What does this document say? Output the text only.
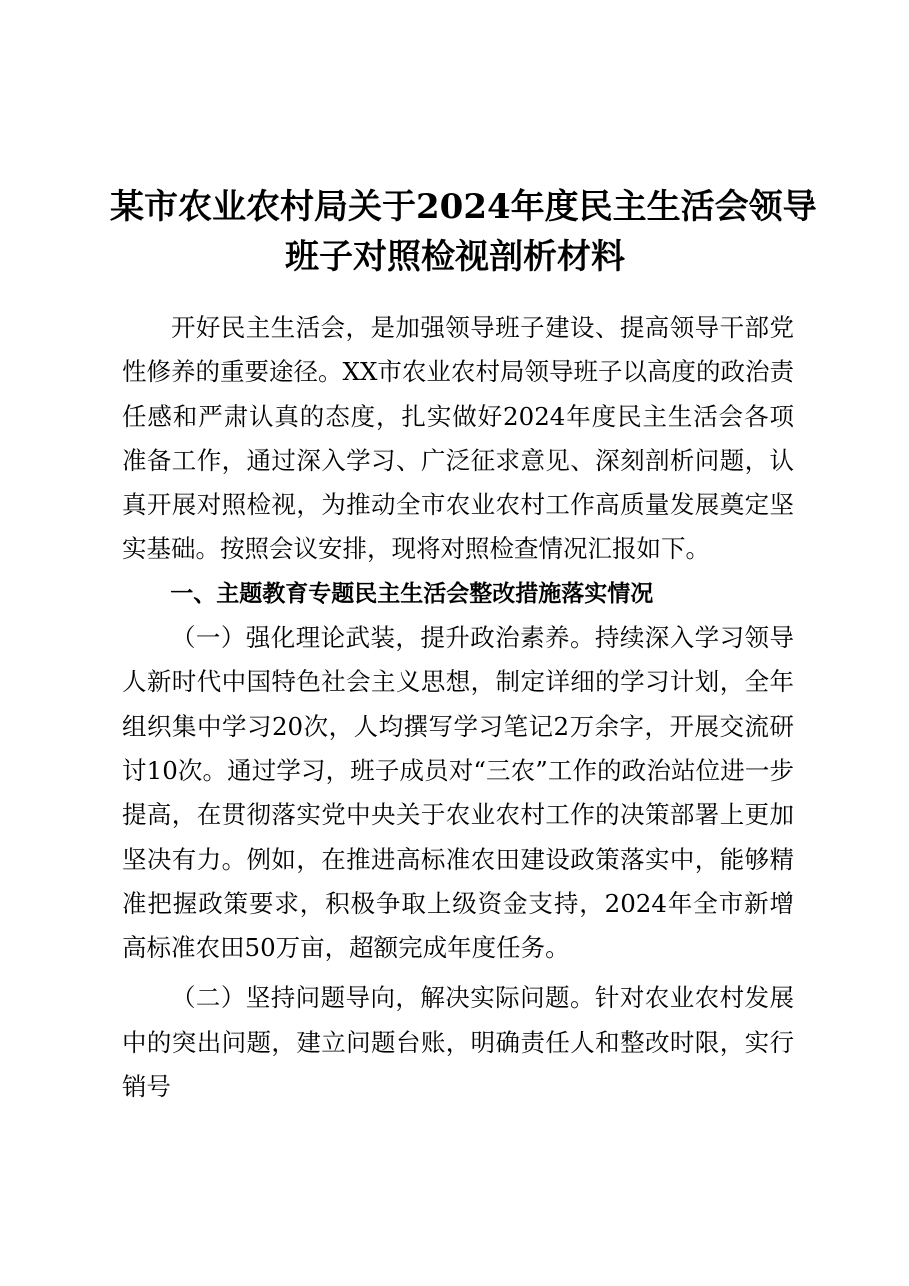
某市农业农村局关于2024年度民主生活会领导
班子对照检视剖析材料

开好民主生活会，是加强领导班子建设、提高领导干部党性修养的重要途径。XX市农业农村局领导班子以高度的政治责任感和严肃认真的态度，扎实做好2024年度民主生活会各项准备工作，通过深入学习、广泛征求意见、深刻剖析问题，认真开展对照检视，为推动全市农业农村工作高质量发展奠定坚实基础。按照会议安排，现将对照检查情况汇报如下。

一、主题教育专题民主生活会整改措施落实情况

（一）强化理论武装，提升政治素养。持续深入学习领导人新时代中国特色社会主义思想，制定详细的学习计划，全年组织集中学习20次，人均撰写学习笔记2万余字，开展交流研讨10次。通过学习，班子成员对“三农”工作的政治站位进一步提高，在贯彻落实党中央关于农业农村工作的决策部署上更加坚决有力。例如，在推进高标准农田建设政策落实中，能够精准把握政策要求，积极争取上级资金支持，2024年全市新增高标准农田50万亩，超额完成年度任务。

（二）坚持问题导向，解决实际问题。针对农业农村发展中的突出问题，建立问题台账，明确责任人和整改时限，实行销号
